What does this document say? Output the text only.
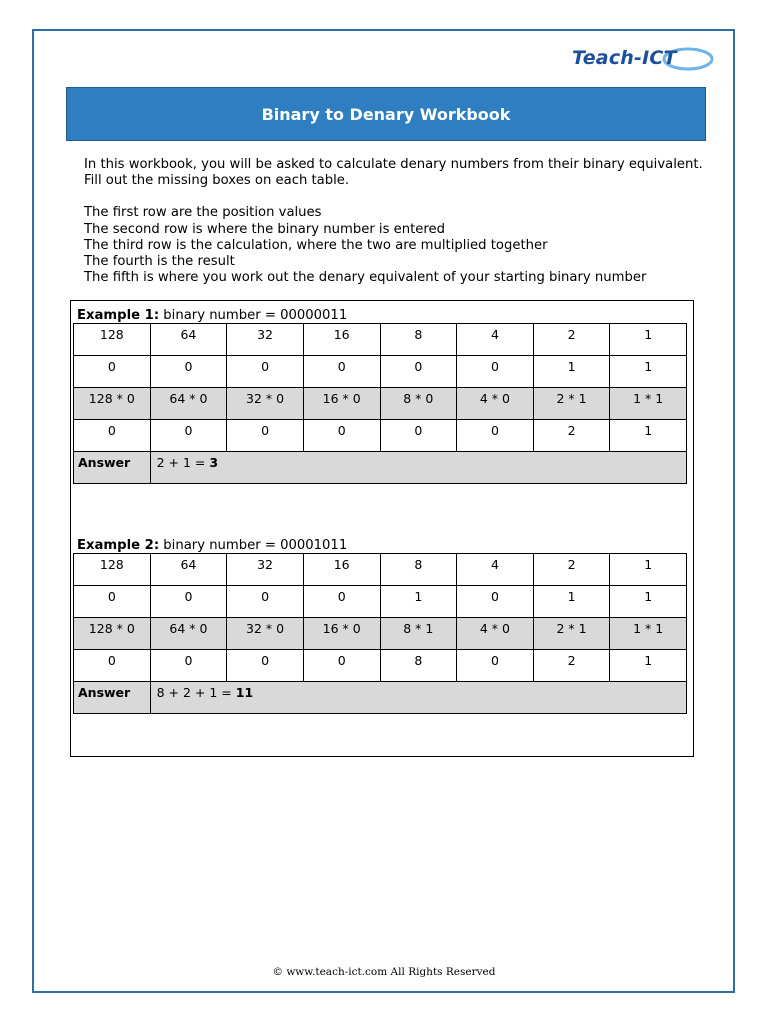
Teach-ICT
Binary to Denary Workbook

In this workbook, you will be asked to calculate denary numbers from their binary equivalent.

Fill out the missing boxes on each table.

The first row are the position values

The second row is where the binary number is entered

The third row is the calculation, where the two are multiplied together

The fourth is the result

The fifth is where you work out the denary equivalent of your starting binary number

Example 1: binary number = 00000011
128	64	32	16	8	4	2	1
0	0	0	0	0	0	1	1
128 * 0	64 * 0	32 * 0	16 * 0	8 * 0	4 * 0	2 * 1	1 * 1
0	0	0	0	0	0	2	1
Answer	2 + 1 = 3						
Example 2: binary number = 00001011
128	64	32	16	8	4	2	1
0	0	0	0	1	0	1	1
128 * 0	64 * 0	32 * 0	16 * 0	8 * 1	4 * 0	2 * 1	1 * 1
0	0	0	0	8	0	2	1
Answer	8 + 2 + 1 = 11						
© www.teach-ict.com All Rights Reserved
